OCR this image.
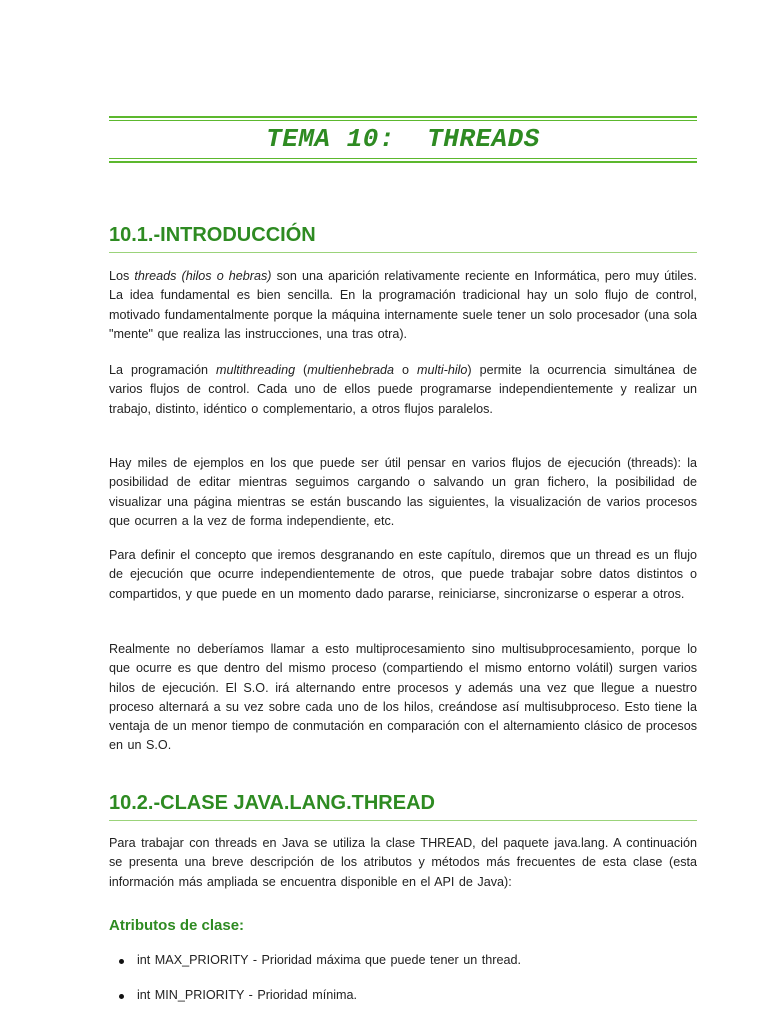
TEMA 10:  THREADS
10.1.-INTRODUCCIÓN

Los threads (hilos o hebras) son una aparición relativamente reciente en Informática, pero muy útiles. La idea fundamental es bien sencilla. En la programación tradicional hay un solo flujo de control, motivado fundamentalmente porque la máquina internamente suele tener un solo procesador (una sola "mente" que realiza las instrucciones, una tras otra).

La programación multithreading (multienhebrada o multi-hilo) permite la ocurrencia simultánea de varios flujos de control. Cada uno de ellos puede programarse independientemente y realizar un trabajo, distinto, idéntico o complementario, a otros flujos paralelos.

Hay miles de ejemplos en los que puede ser útil pensar en varios flujos de ejecución (threads): la posibilidad de editar mientras seguimos cargando o salvando un gran fichero, la posibilidad de visualizar una página mientras se están buscando las siguientes, la visualización de varios procesos que ocurren a la vez de forma independiente, etc.

Para definir el concepto que iremos desgranando en este capítulo, diremos que un thread es un flujo de ejecución que ocurre independientemente de otros, que puede trabajar sobre datos distintos o compartidos, y que puede en un momento dado pararse, reiniciarse, sincronizarse o esperar a otros.

Realmente no deberíamos llamar a esto multiprocesamiento sino multisubprocesamiento, porque lo que ocurre es que dentro del mismo proceso (compartiendo el mismo entorno volátil) surgen varios hilos de ejecución. El S.O. irá alternando entre procesos y además una vez que llegue a nuestro proceso alternará a su vez sobre cada uno de los hilos, creándose así multisubproceso. Esto tiene la ventaja de un menor tiempo de conmutación en comparación con el alternamiento clásico de procesos en un S.O.

10.2.-CLASE JAVA.LANG.THREAD

Para trabajar con threads en Java se utiliza la clase THREAD, del paquete java.lang. A continuación se presenta una breve descripción de los atributos y métodos más frecuentes de esta clase (esta información más ampliada se encuentra disponible en el API de Java):

Atributos de clase:
int MAX_PRIORITY - Prioridad máxima que puede tener un thread.
int MIN_PRIORITY - Prioridad mínima.
